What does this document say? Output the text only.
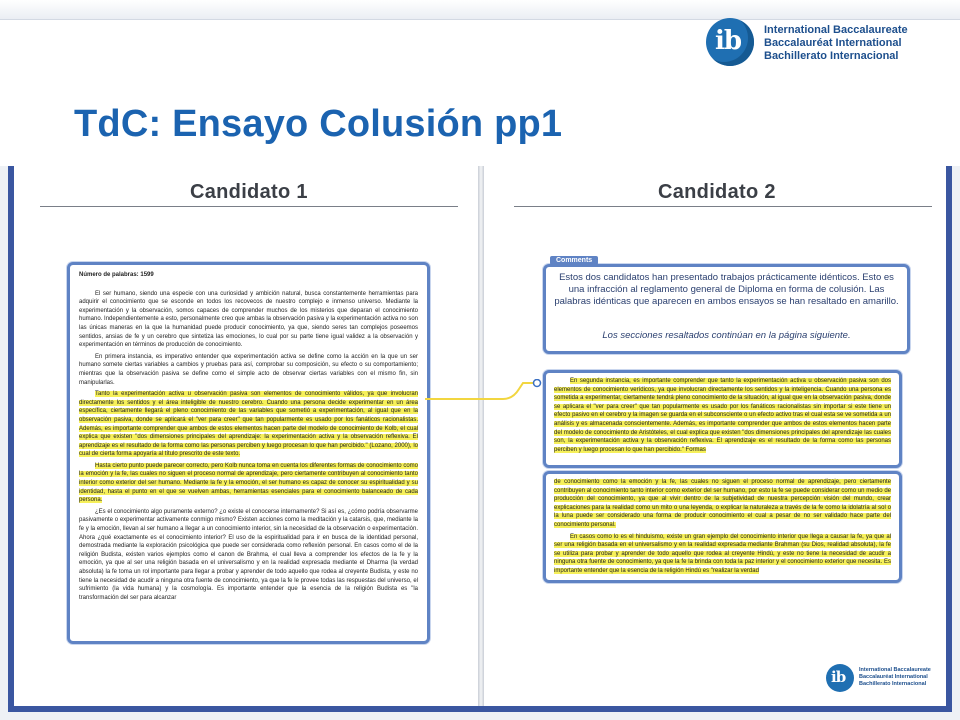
ib International Baccalaureate
Baccalauréat International
Bachillerato Internacional
TdC: Ensayo Colusión pp1
Candidato 1

Número de palabras: 1599

El ser humano, siendo una especie con una curiosidad y ambición natural, busca constantemente herramientas para adquirir el conocimiento que se esconde en todos los recovecos de nuestro complejo e inmenso universo. Mediante la experimentación y la observación, somos capaces de comprender muchos de los misterios que deparan el conocimiento humano. Independientemente a esto, personalmente creo que ambas la observación pasiva y la experimentación activa no son las únicas maneras en la que la humanidad puede producir conocimiento, ya que, siendo seres tan complejos poseemos sentidos, ansias de fe y un cerebro que sintetiza las emociones, lo cual por su parte tiene igual validez a la observación y experimentación en términos de producción de conocimiento.

En primera instancia, es imperativo entender que experimentación activa se define como la acción en la que un ser humano somete ciertas variables a cambios y pruebas para así, comprobar su composición, su efecto o su comportamiento; mientras que la observación pasiva se define como el simple acto de observar ciertas variables con el mismo fin, sin manipularlas.

Tanto la experimentación activa u observación pasiva son elementos de conocimiento válidos, ya que involucran directamente los sentidos y el área inteligible de nuestro cerebro. Cuando una persona decide experimentar en un área específica, ciertamente llegará el pleno conocimiento de las variables que sometió a experimentación, al igual que en la observación pasiva, donde se aplicará el "ver para creer" que tan popularmente es usado por los fanáticos racionalistas. Además, es importante comprender que ambos de estos elementos hacen parte del modelo de conocimiento de Kolb, el cual explica que existen "dos dimensiones principales del aprendizaje: la experimentación activa y la observación reflexiva. El aprendizaje es el resultado de la forma como las personas perciben y luego procesan lo que han percibido." (Lozano, 2000), lo cual de cierta forma apoyaría al título prescrito de este texto.

Hasta cierto punto puede parecer correcto, pero Kolb nunca toma en cuenta los diferentes formas de conocimiento como la emoción y la fe, las cuales no siguen el proceso normal de aprendizaje, pero ciertamente contribuyen al conocimiento tanto interior como exterior del ser humano. Mediante la fe y la emoción, el ser humano es capaz de conocer su espiritualidad y su identidad, hasta el punto en el que se vuelven ambas, herramientas esenciales para el conocimiento balanceado de cada persona.

¿Es el conocimiento algo puramente externo? ¿o existe el conocerse internamente? Si así es, ¿cómo podría observarme pasivamente o experimentar activamente conmigo mismo? Existen acciones como la meditación y la catarsis, que, mediante la fe y la emoción, llevan al ser humano a llegar a un conocimiento interior, sin la necesidad de la observación o experimentación. Ahora ¿qué exactamente es el conocimiento interior? El uso de la espiritualidad para ir en busca de la identidad personal, demostrada mediante la exploración psicológica que puede ser considerada como reflexión personal. En casos como el de la religión Budista, existen varios ejemplos como el canon de Brahma, el cual lleva a comprender los efectos de la fe y la emoción, ya que al ser una religión basada en el universalismo y en la realidad expresada mediante el Dharma (la verdad absoluta) la fe toma un rol importante para llegar a probar y aprender de todo aquello que rodea al creyente Budista, y este no tiene la necesidad de acudir a ninguna otra fuente de conocimiento, ya que la fe le provee todas las respuestas del universo, el sufrimiento (la vida humana) y la cosmología. Es importante entender que la esencia de la religión Budista es "la transformación del ser para alcanzar

Candidato 2
Estos dos candidatos han presentado trabajos prácticamente idénticos. Esto es una infracción al reglamento general de Diploma en forma de colusión. Las palabras idénticas que aparecen en ambos ensayos se han resaltado en amarillo.
Los secciones resaltados continúan en la página siguiente.
Comments

En segunda instancia, es importante comprender que tanto la experimentación activa u observación pasiva son dos elementos de conocimiento verídicos, ya que involucran directamente los sentidos y la inteligencia. Cuando una persona es sometida a experimentar, ciertamente tendrá pleno conocimiento de la situación, al igual que en la observación pasiva, donde se aplicara el "ver para creer" que tan popularmente es usado por los fanáticos racionalistas sin importar si este tiene un efecto pasivo en el cerebro y la imagen se guarda en el subconsciente o un efecto activo tras el cual esta se ve sometida a un análisis y es almacenada conscientemente. Además, es importante comprender que ambos de estos elementos hacen parte del modelo de conocimiento de Aristóteles, el cual explica que existen "dos dimensiones principales del aprendizaje las cuales son, la experimentación activa y la observación reflexiva. El aprendizaje es el resultado de la forma como las personas perciben y luego procesan lo que han percibido." Formas

de conocimiento como la emoción y la fe, las cuales no siguen el proceso normal de aprendizaje, pero ciertamente contribuyen al conocimiento tanto interior como exterior del ser humano, por esto la fe se puede considerar como un medio de producción del conocimiento, ya que al vivir dentro de la subjetividad de nuestra percepción visión del mundo, crear explicaciones para la realidad como un mito o una leyenda, o explicar la naturaleza a través de la fe como la idolatría al sol o la luna puede ser considerado una forma de producir conocimiento el cual a pesar de no ser validado hace parte del conocimiento personal.

En casos como lo es el hinduismo, existe un gran ejemplo del conocimiento interior que llega a causar la fe, ya que al ser una religión basada en el universalismo y en la realidad expresada mediante Brahman (su Dios, realidad absoluta), la fe se utiliza para probar y aprender de todo aquello que rodea al creyente Hindú, y este no tiene la necesidad de acudir a ninguna otra fuente de conocimiento, ya que la fe la brinda con toda la paz interior y el conocimiento exterior que necesita. Es importante entender que la esencia de la religión Hindú es "realizar la verdad

ib	International Baccalaureate
Baccalauréat International
Bachillerato Internacional
